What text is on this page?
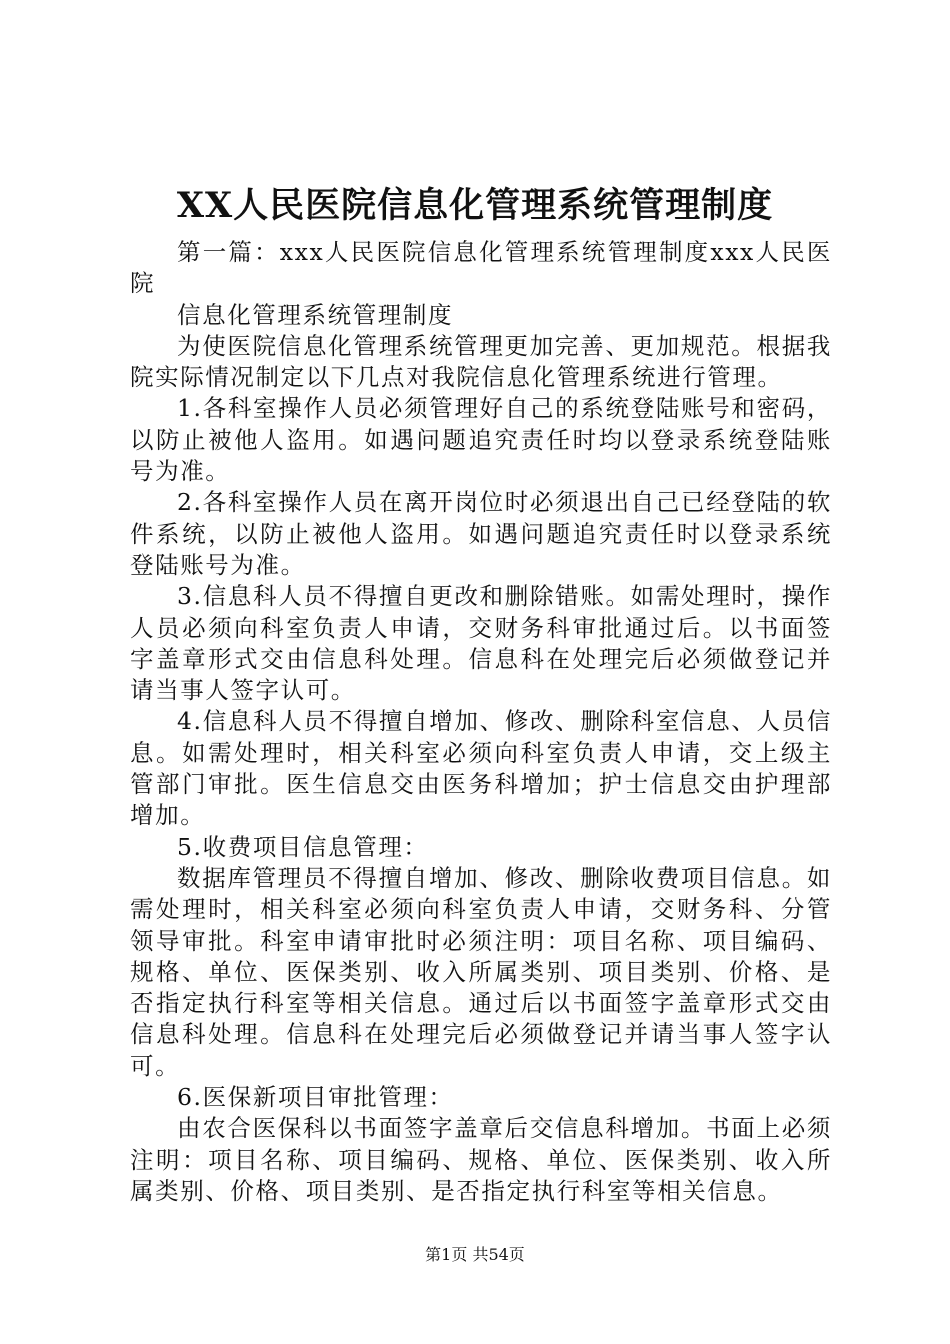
XX人民医院信息化管理系统管理制度

第一篇：xxx人民医院信息化管理系统管理制度xxx人民医院

信息化管理系统管理制度

为使医院信息化管理系统管理更加完善、更加规范。根据我院实际情况制定以下几点对我院信息化管理系统进行管理。

1.各科室操作人员必须管理好自己的系统登陆账号和密码，以防止被他人盗用。如遇问题追究责任时均以登录系统登陆账号为准。

2.各科室操作人员在离开岗位时必须退出自己已经登陆的软件系统，以防止被他人盗用。如遇问题追究责任时以登录系统登陆账号为准。

3.信息科人员不得擅自更改和删除错账。如需处理时，操作人员必须向科室负责人申请，交财务科审批通过后。以书面签字盖章形式交由信息科处理。信息科在处理完后必须做登记并请当事人签字认可。

4.信息科人员不得擅自增加、修改、删除科室信息、人员信息。如需处理时，相关科室必须向科室负责人申请，交上级主管部门审批。医生信息交由医务科增加；护士信息交由护理部增加。

5.收费项目信息管理：

数据库管理员不得擅自增加、修改、删除收费项目信息。如需处理时，相关科室必须向科室负责人申请，交财务科、分管领导审批。科室申请审批时必须注明：项目名称、项目编码、规格、单位、医保类别、收入所属类别、项目类别、价格、是否指定执行科室等相关信息。通过后以书面签字盖章形式交由信息科处理。信息科在处理完后必须做登记并请当事人签字认可。

6.医保新项目审批管理：

由农合医保科以书面签字盖章后交信息科增加。书面上必须注明：项目名称、项目编码、规格、单位、医保类别、收入所属类别、价格、项目类别、是否指定执行科室等相关信息。

第1页 共54页
